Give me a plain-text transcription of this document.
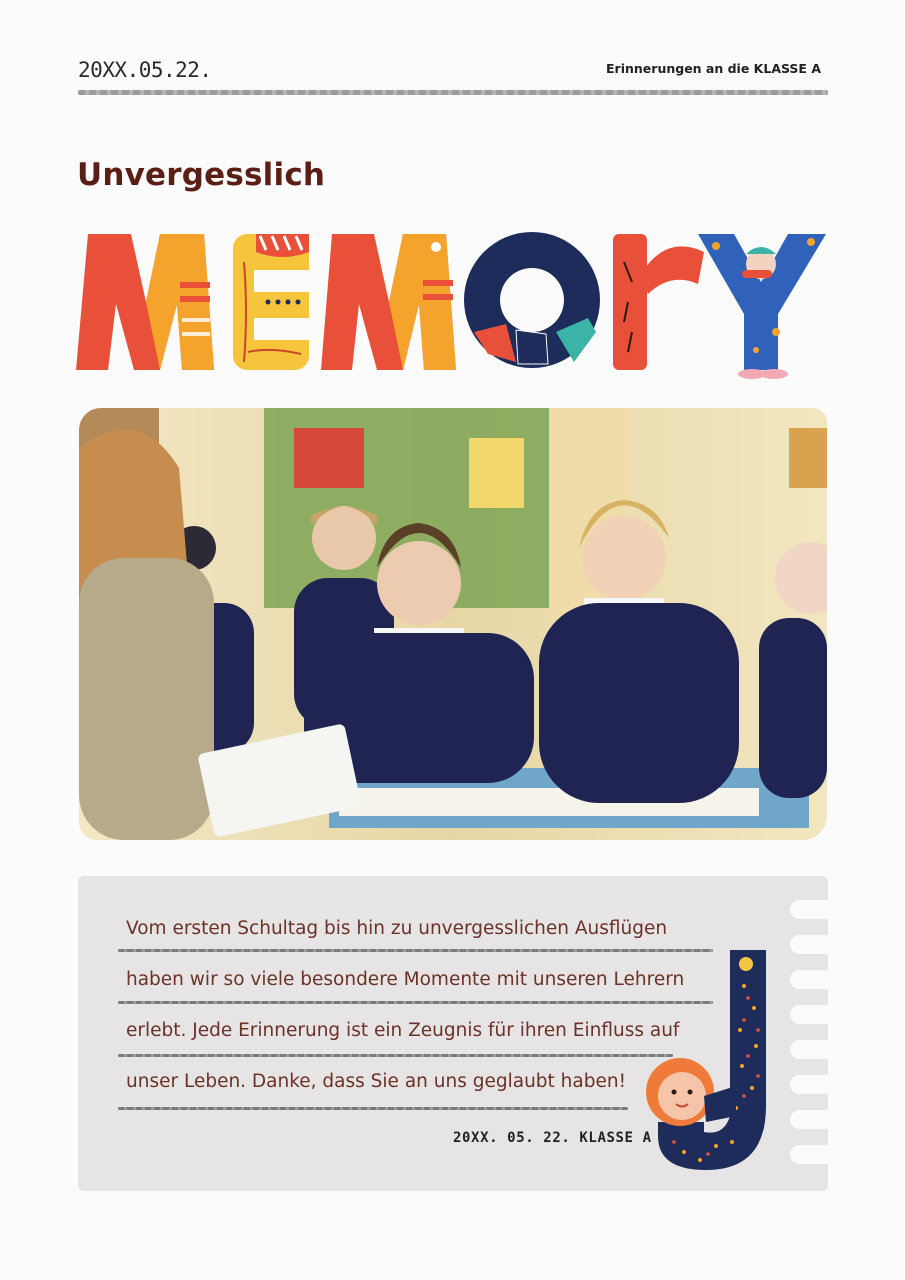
20XX.05.22.	Erinnerungen an die KLASSE A
Unvergesslich
Vom ersten Schultag bis hin zu unvergesslichen Ausflügen
haben wir so viele besondere Momente mit unseren Lehrern
erlebt. Jede Erinnerung ist ein Zeugnis für ihren Einfluss auf
unser Leben. Danke, dass Sie an uns geglaubt haben!
20XX. 05. 22. KLASSE A
